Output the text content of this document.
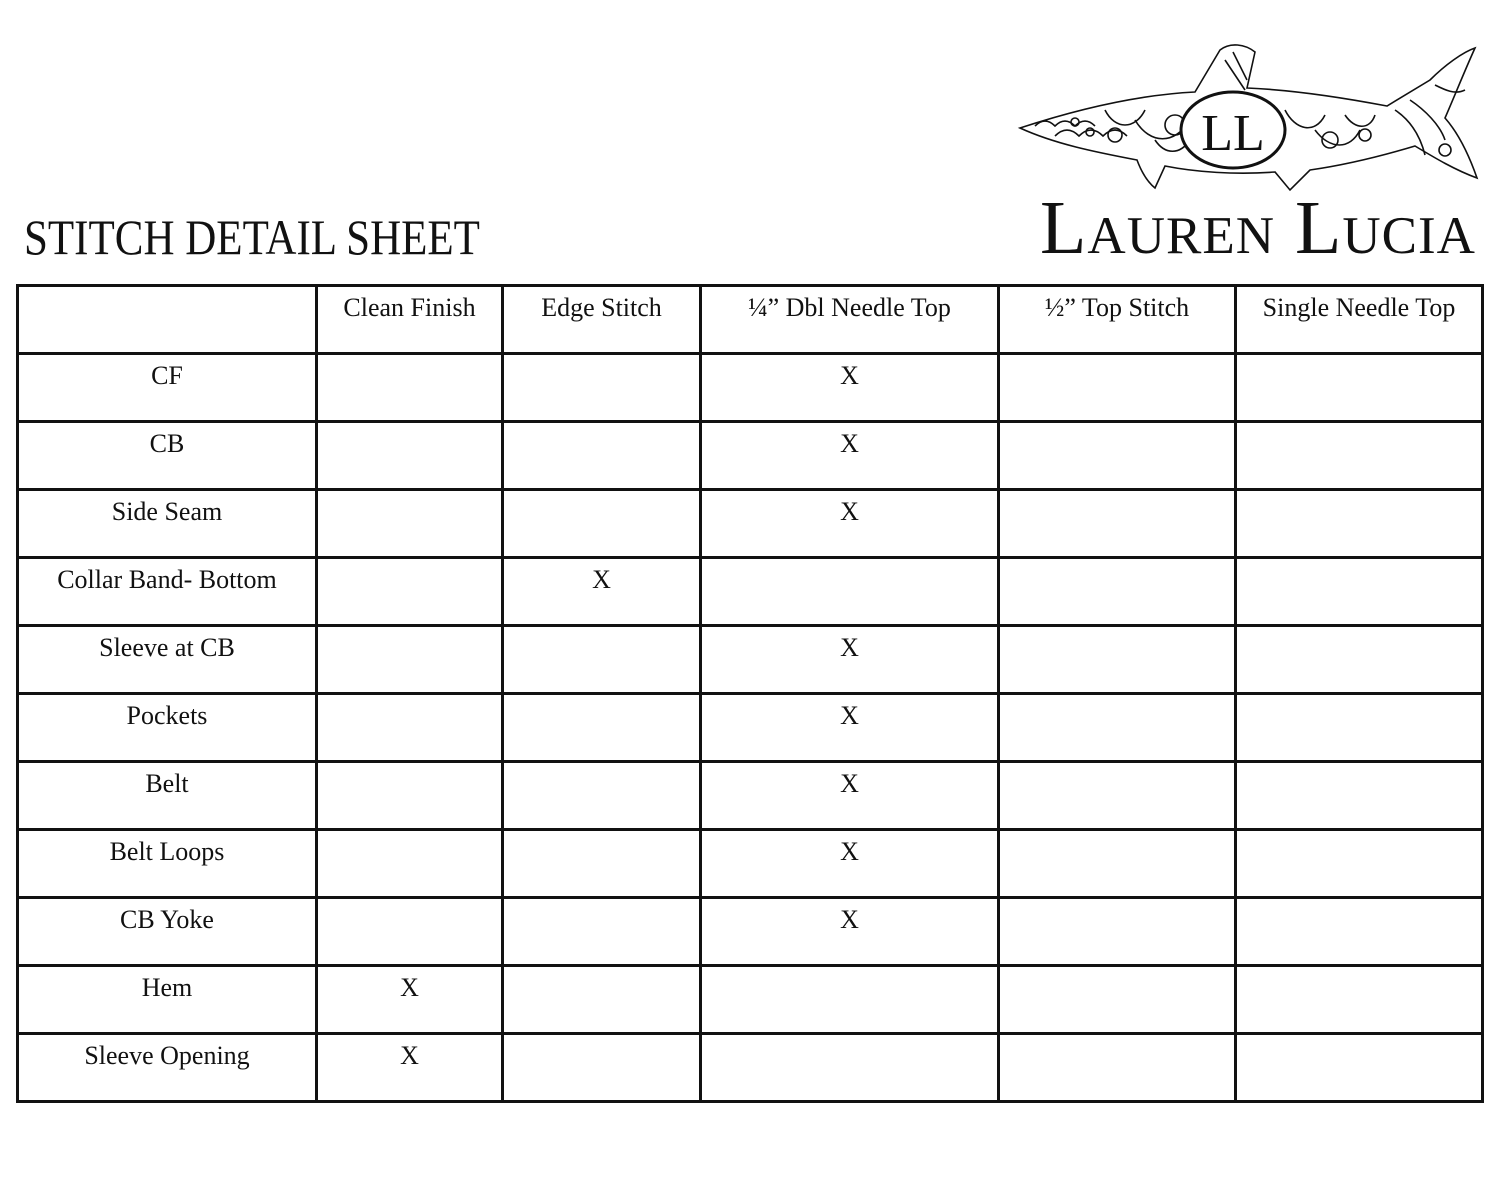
STITCH DETAIL SHEET
LL
Lauren Lucia
	Clean Finish	Edge Stitch	¼” Dbl Needle Top	½” Top Stitch	Single Needle Top
CF			X		
CB			X		
Side Seam			X		
Collar Band- Bottom		X			
Sleeve at CB			X		
Pockets			X		
Belt			X		
Belt Loops			X		
CB Yoke			X		
Hem	X				
Sleeve Opening	X				
